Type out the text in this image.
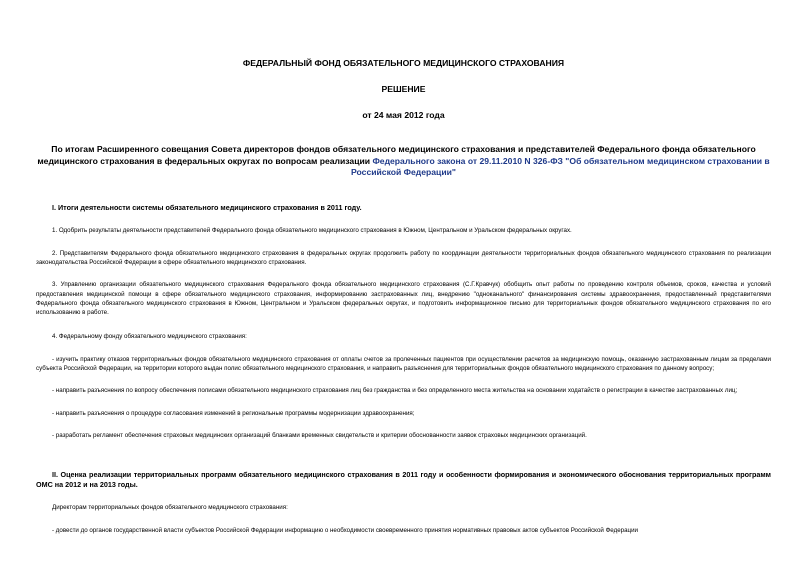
ФЕДЕРАЛЬНЫЙ ФОНД ОБЯЗАТЕЛЬНОГО МЕДИЦИНСКОГО СТРАХОВАНИЯ
РЕШЕНИЕ
от 24 мая 2012 года
По итогам Расширенного совещания Совета директоров фондов обязательного медицинского страхования и представителей Федерального фонда обязательного медицинского страхования в федеральных округах по вопросам реализации Федерального закона от 29.11.2010 N 326-ФЗ "Об обязательном медицинском страховании в Российской Федерации"
I. Итоги деятельности системы обязательного медицинского страхования в 2011 году.

1. Одобрить результаты деятельности представителей Федерального фонда обязательного медицинского страхования в Южном, Центральном и Уральском федеральных округах.

2. Представителям Федерального фонда обязательного медицинского страхования в федеральных округах продолжить работу по координации деятельности территориальных фондов обязательного медицинского страхования по реализации законодательства Российской Федерации в сфере обязательного медицинского страхования.

3. Управлению организации обязательного медицинского страхования Федерального фонда обязательного медицинского страхования (С.Г.Кравчук) обобщить опыт работы по проведению контроля объемов, сроков, качества и условий предоставления медицинской помощи в сфере обязательного медицинского страхования, информированию застрахованных лиц, внедрению "одноканального" финансирования системы здравоохранения, предоставленный представителями Федерального фонда обязательного медицинского страхования в Южном, Центральном и Уральском федеральных округах, и подготовить информационное письмо для территориальных фондов обязательного медицинского страхования по его использованию в работе.

4. Федеральному фонду обязательного медицинского страхования:

- изучить практику отказов территориальных фондов обязательного медицинского страхования от оплаты счетов за пролеченных пациентов при осуществлении расчетов за медицинскую помощь, оказанную застрахованным лицам за пределами субъекта Российской Федерации, на территории которого выдан полис обязательного медицинского страхования, и направить разъяснения для территориальных фондов обязательного медицинского страхования по данному вопросу;

- направить разъяснения по вопросу обеспечения полисами обязательного медицинского страхования лиц без гражданства и без определенного места жительства на основании ходатайств о регистрации в качестве застрахованных лиц;

- направить разъяснения о процедуре согласования изменений в региональные программы модернизации здравоохранения;

- разработать регламент обеспечения страховых медицинских организаций бланками временных свидетельств и критерии обоснованности заявок страховых медицинских организаций.

II. Оценка реализации территориальных программ обязательного медицинского страхования в 2011 году и особенности формирования и экономического обоснования территориальных программ ОМС на 2012 и на 2013 годы.

Директорам территориальных фондов обязательного медицинского страхования:

- довести до органов государственной власти субъектов Российской Федерации информацию о необходимости своевременного принятия нормативных правовых актов субъектов Российской Федерации
